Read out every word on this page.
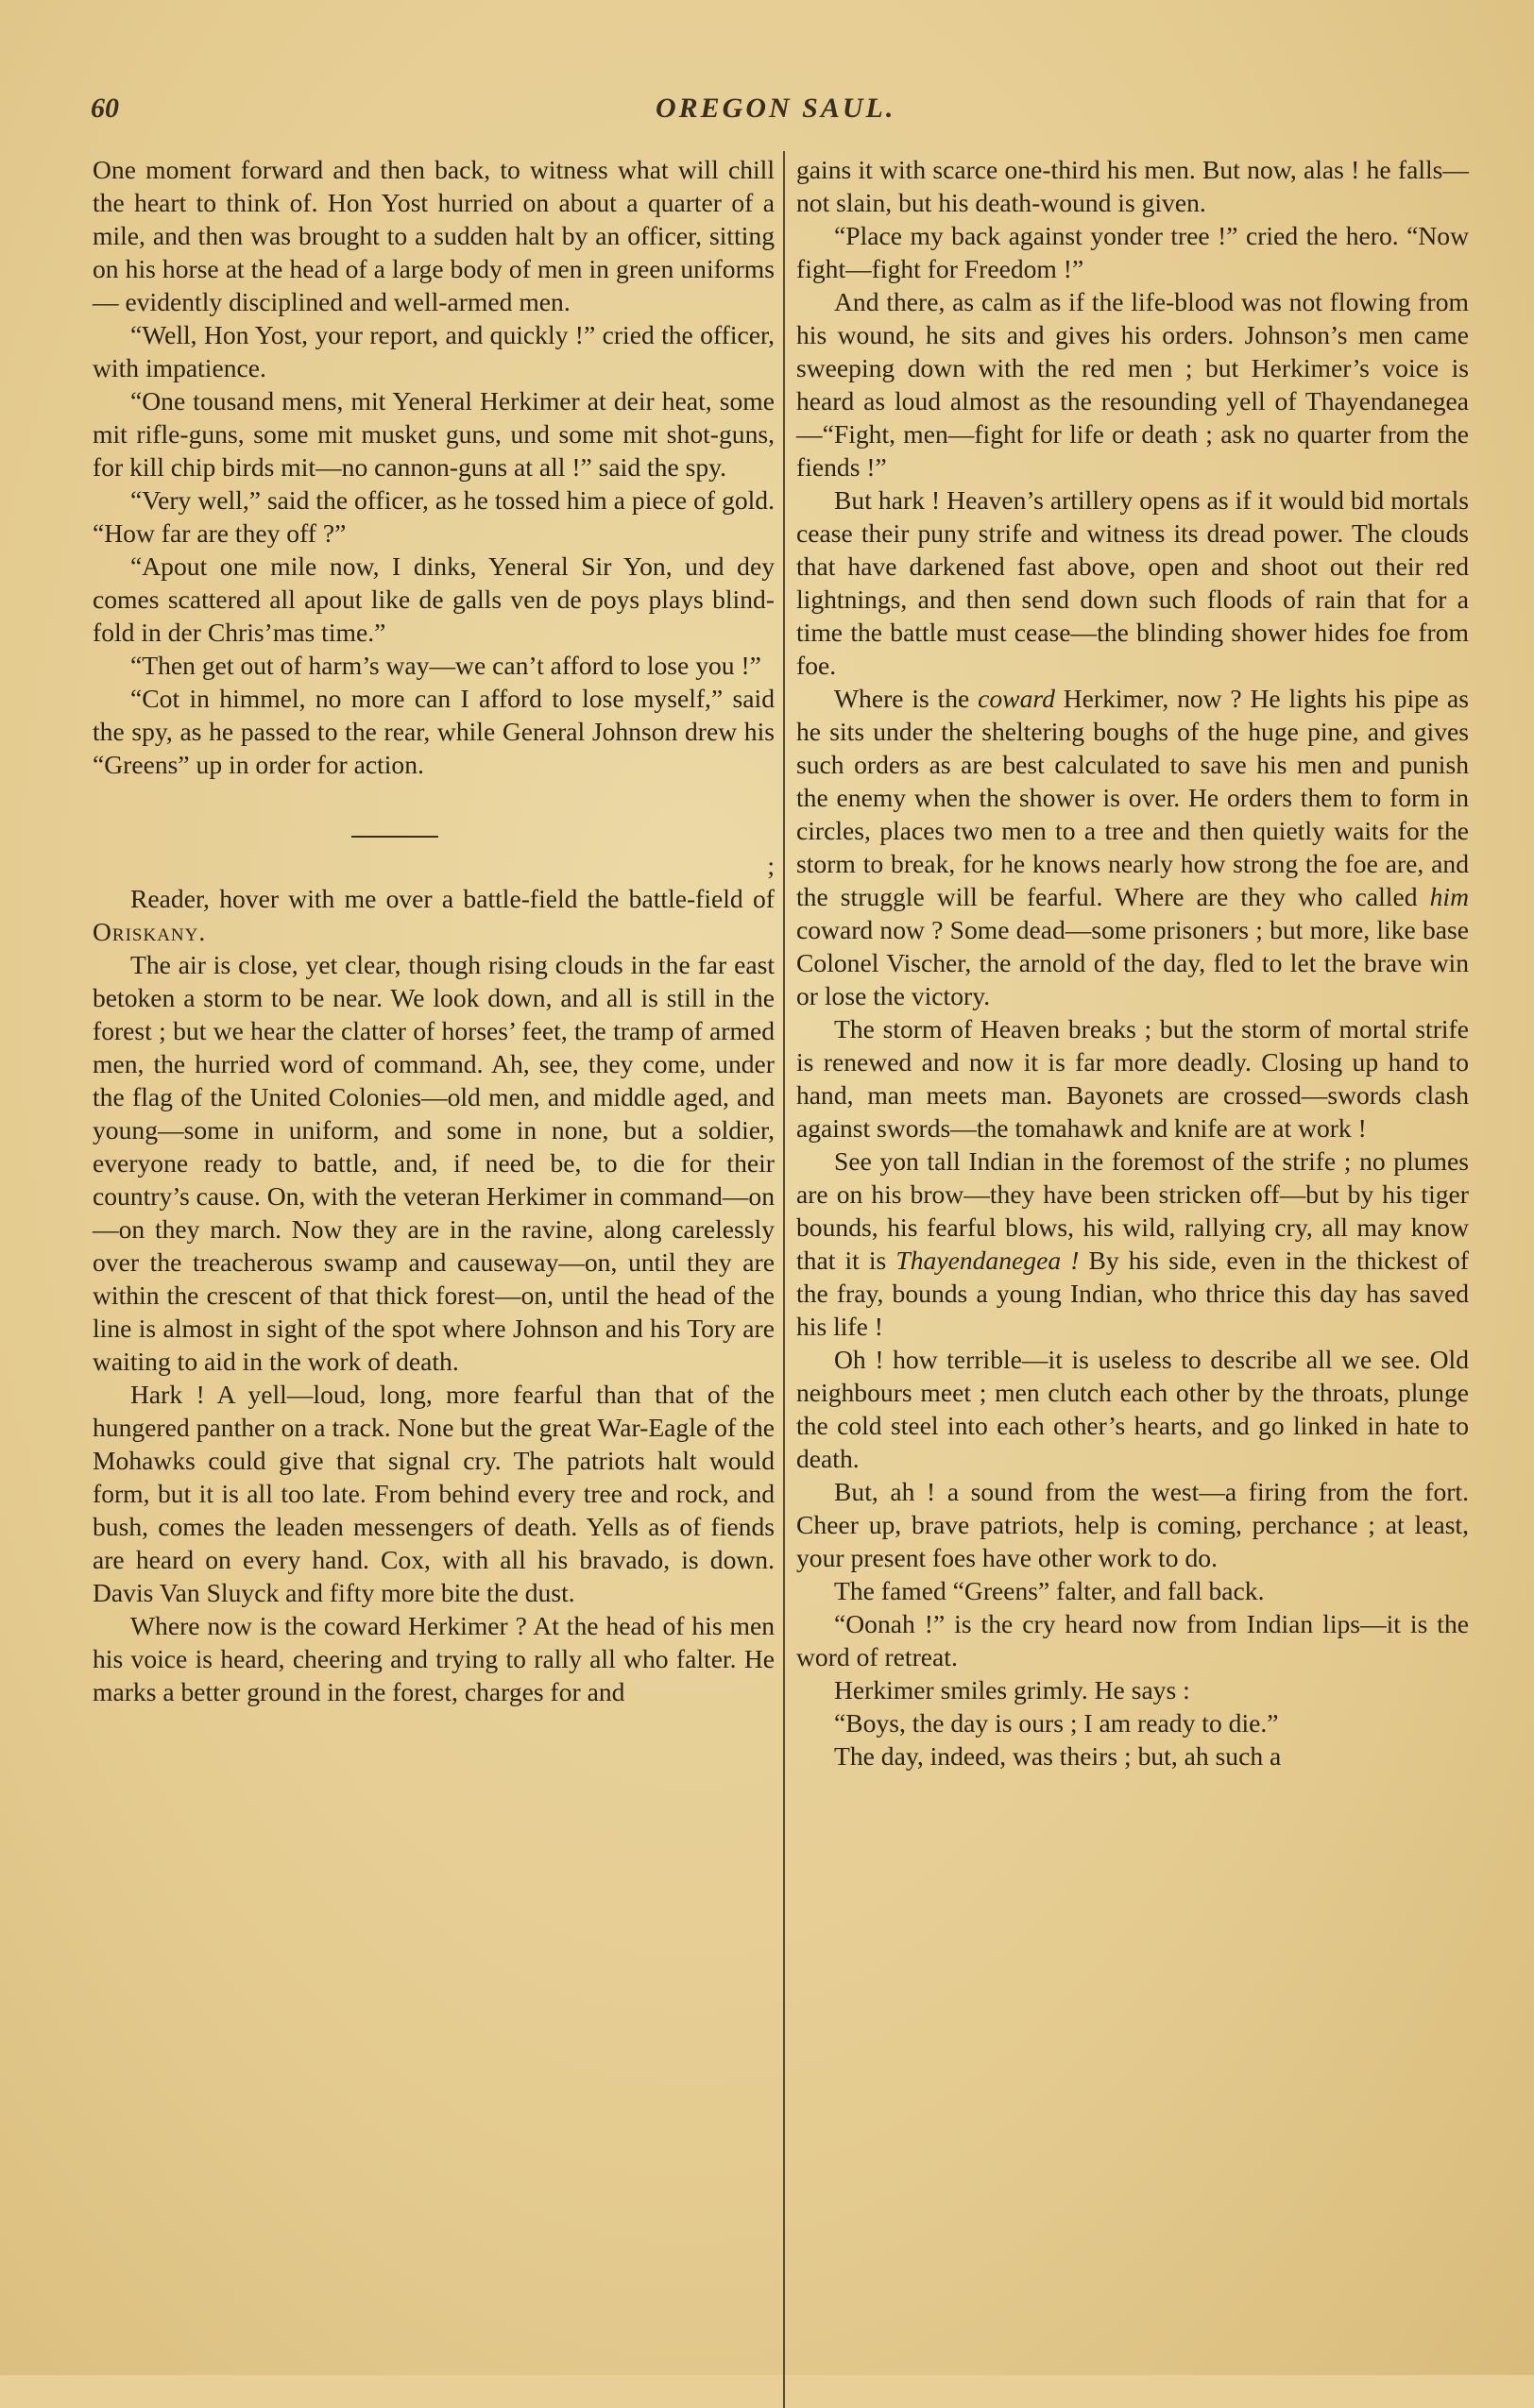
60	OREGON SAUL.

One moment forward and then back, to witness what will chill the heart to think of. Hon Yost hurried on about a quarter of a mile, and then was brought to a sudden halt by an officer, sitting on his horse at the head of a large body of men in green uniforms — evidently disciplined and well-armed men.

“Well, Hon Yost, your report, and quickly !” cried the officer, with impatience.

“One tousand mens, mit Yeneral Herkimer at deir heat, some mit rifle-guns, some mit musket guns, und some mit shot-guns, for kill chip birds mit—no cannon-guns at all !” said the spy.

“Very well,” said the officer, as he tossed him a piece of gold. “How far are they off ?”

“Apout one mile now, I dinks, Yeneral Sir Yon, und dey comes scattered all apout like de galls ven de poys plays blind-fold in der Chris’mas time.”

“Then get out of harm’s way—we can’t afford to lose you !”

“Cot in himmel, no more can I afford to lose myself,” said the spy, as he passed to the rear, while General Johnson drew his “Greens” up in order for action.

;

Reader, hover with me over a battle-field the battle-field of Oriskany.

The air is close, yet clear, though rising clouds in the far east betoken a storm to be near. We look down, and all is still in the forest ; but we hear the clatter of horses’ feet, the tramp of armed men, the hurried word of command. Ah, see, they come, under the flag of the United Colonies—old men, and middle aged, and young—some in uniform, and some in none, but a soldier, everyone ready to battle, and, if need be, to die for their country’s cause. On, with the veteran Herkimer in command—on—on they march. Now they are in the ravine, along carelessly over the treacherous swamp and causeway—on, until they are within the crescent of that thick forest—on, until the head of the line is almost in sight of the spot where Johnson and his Tory are waiting to aid in the work of death.

Hark ! A yell—loud, long, more fearful than that of the hungered panther on a track. None but the great War-Eagle of the Mohawks could give that signal cry. The patriots halt would form, but it is all too late. From behind every tree and rock, and bush, comes the leaden messengers of death. Yells as of fiends are heard on every hand. Cox, with all his bravado, is down. Davis Van Sluyck and fifty more bite the dust.

Where now is the coward Herkimer ? At the head of his men his voice is heard, cheering and trying to rally all who falter. He marks a better ground in the forest, charges for and

gains it with scarce one-third his men. But now, alas ! he falls—not slain, but his death-wound is given.

“Place my back against yonder tree !” cried the hero. “Now fight—fight for Freedom !”

And there, as calm as if the life-blood was not flowing from his wound, he sits and gives his orders. Johnson’s men came sweeping down with the red men ; but Herkimer’s voice is heard as loud almost as the resounding yell of Thayendanegea—“Fight, men—fight for life or death ; ask no quarter from the fiends !”

But hark ! Heaven’s artillery opens as if it would bid mortals cease their puny strife and witness its dread power. The clouds that have darkened fast above, open and shoot out their red lightnings, and then send down such floods of rain that for a time the battle must cease—the blinding shower hides foe from foe.

Where is the coward Herkimer, now ? He lights his pipe as he sits under the sheltering boughs of the huge pine, and gives such orders as are best calculated to save his men and punish the enemy when the shower is over. He orders them to form in circles, places two men to a tree and then quietly waits for the storm to break, for he knows nearly how strong the foe are, and the struggle will be fearful. Where are they who called him coward now ? Some dead—some prisoners ; but more, like base Colonel Vischer, the arnold of the day, fled to let the brave win or lose the victory.

The storm of Heaven breaks ; but the storm of mortal strife is renewed and now it is far more deadly. Closing up hand to hand, man meets man. Bayonets are crossed—swords clash against swords—the tomahawk and knife are at work !

See yon tall Indian in the foremost of the strife ; no plumes are on his brow—they have been stricken off—but by his tiger bounds, his fearful blows, his wild, rallying cry, all may know that it is Thayendanegea ! By his side, even in the thickest of the fray, bounds a young Indian, who thrice this day has saved his life !

Oh ! how terrible—it is useless to describe all we see. Old neighbours meet ; men clutch each other by the throats, plunge the cold steel into each other’s hearts, and go linked in hate to death.

But, ah ! a sound from the west—a firing from the fort. Cheer up, brave patriots, help is coming, perchance ; at least, your present foes have other work to do.

The famed “Greens” falter, and fall back.

“Oonah !” is the cry heard now from Indian lips—it is the word of retreat.

Herkimer smiles grimly. He says :

“Boys, the day is ours ; I am ready to die.”

The day, indeed, was theirs ; but, ah such a
